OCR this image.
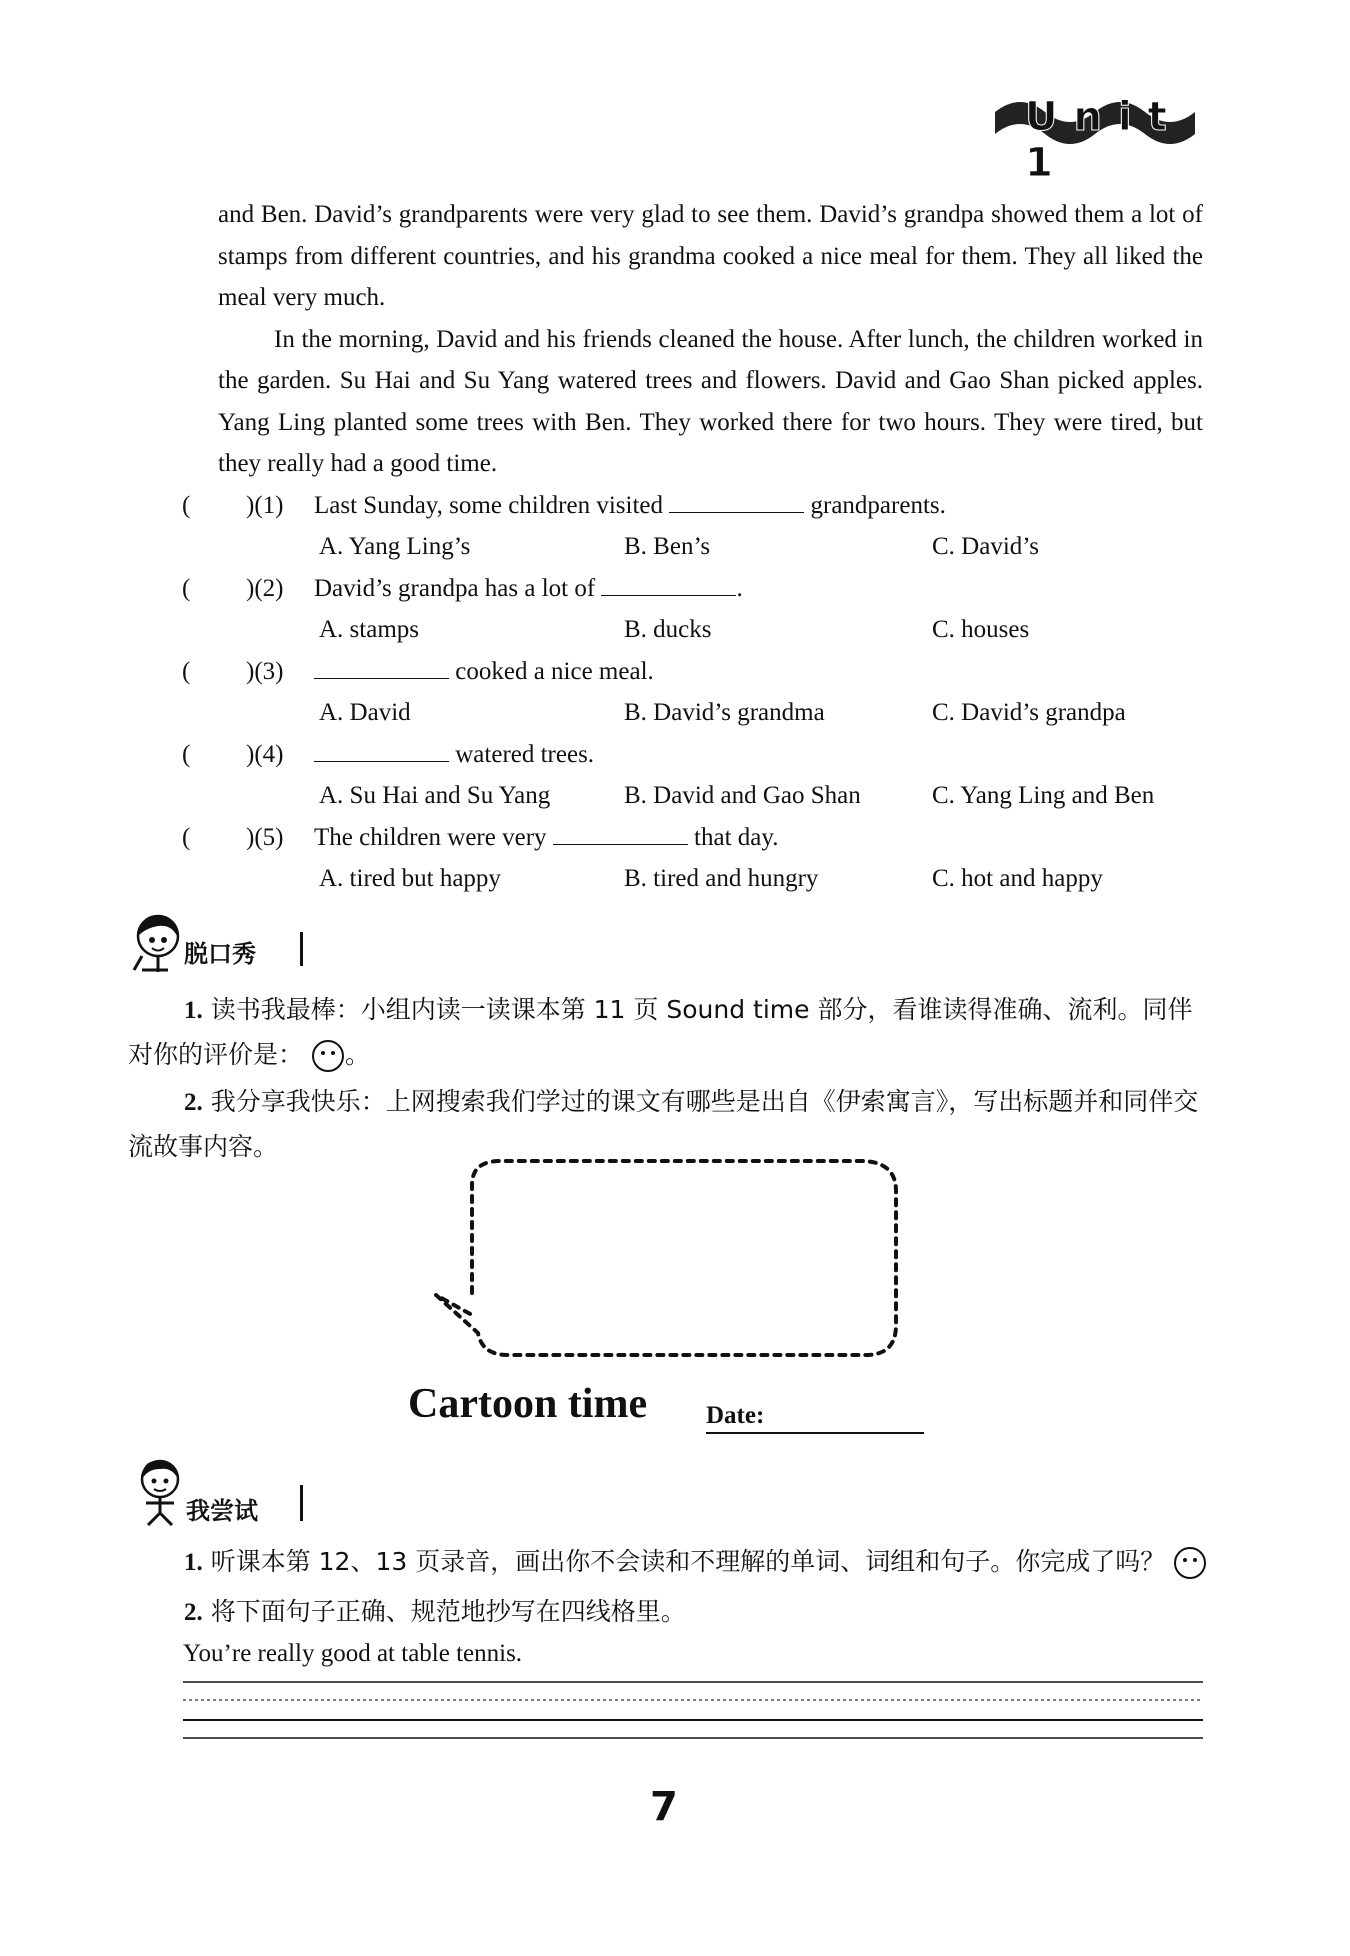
Unit 1

and Ben. David’s grandparents were very glad to see them. David’s grandpa showed them a lot of stamps from different countries, and his grandma cooked a nice meal for them. They all liked the meal very much.

In the morning, David and his friends cleaned the house. After lunch, the children worked in the garden. Su Hai and Su Yang watered trees and flowers. David and Gao Shan picked apples. Yang Ling planted some trees with Ben. They worked there for two hours. They were tired, but they really had a good time.

( )(1) Last Sunday, some children visited	grandparents.
A. Yang Ling’s	B. Ben’s	C. David’s
( )(2) David’s grandpa has a lot of	.
A. stamps	B. ducks	C. houses
( )(3)	cooked a nice meal.
A. David	B. David’s grandma	C. David’s grandpa
( )(4)	watered trees.
A. Su Hai and Su Yang	B. David and Gao Shan	C. Yang Ling and Ben
( )(5) The children were very	that day.
A. tired but happy	B. tired and hungry	C. hot and happy
脱口秀
1. 读书我最棒：小组内读一读课本第 11 页 Sound time 部分，看谁读得准确、流利。同伴对你的评价是： 。
2. 我分享我快乐：上网搜索我们学过的课文有哪些是出自《伊索寓言》，写出标题并和同伴交流故事内容。
Cartoon time Date:
我尝试
1. 听课本第 12、13 页录音，画出你不会读和不理解的单词、词组和句子。你完成了吗？
2. 将下面句子正确、规范地抄写在四线格里。
You’re really good at table tennis.
7
